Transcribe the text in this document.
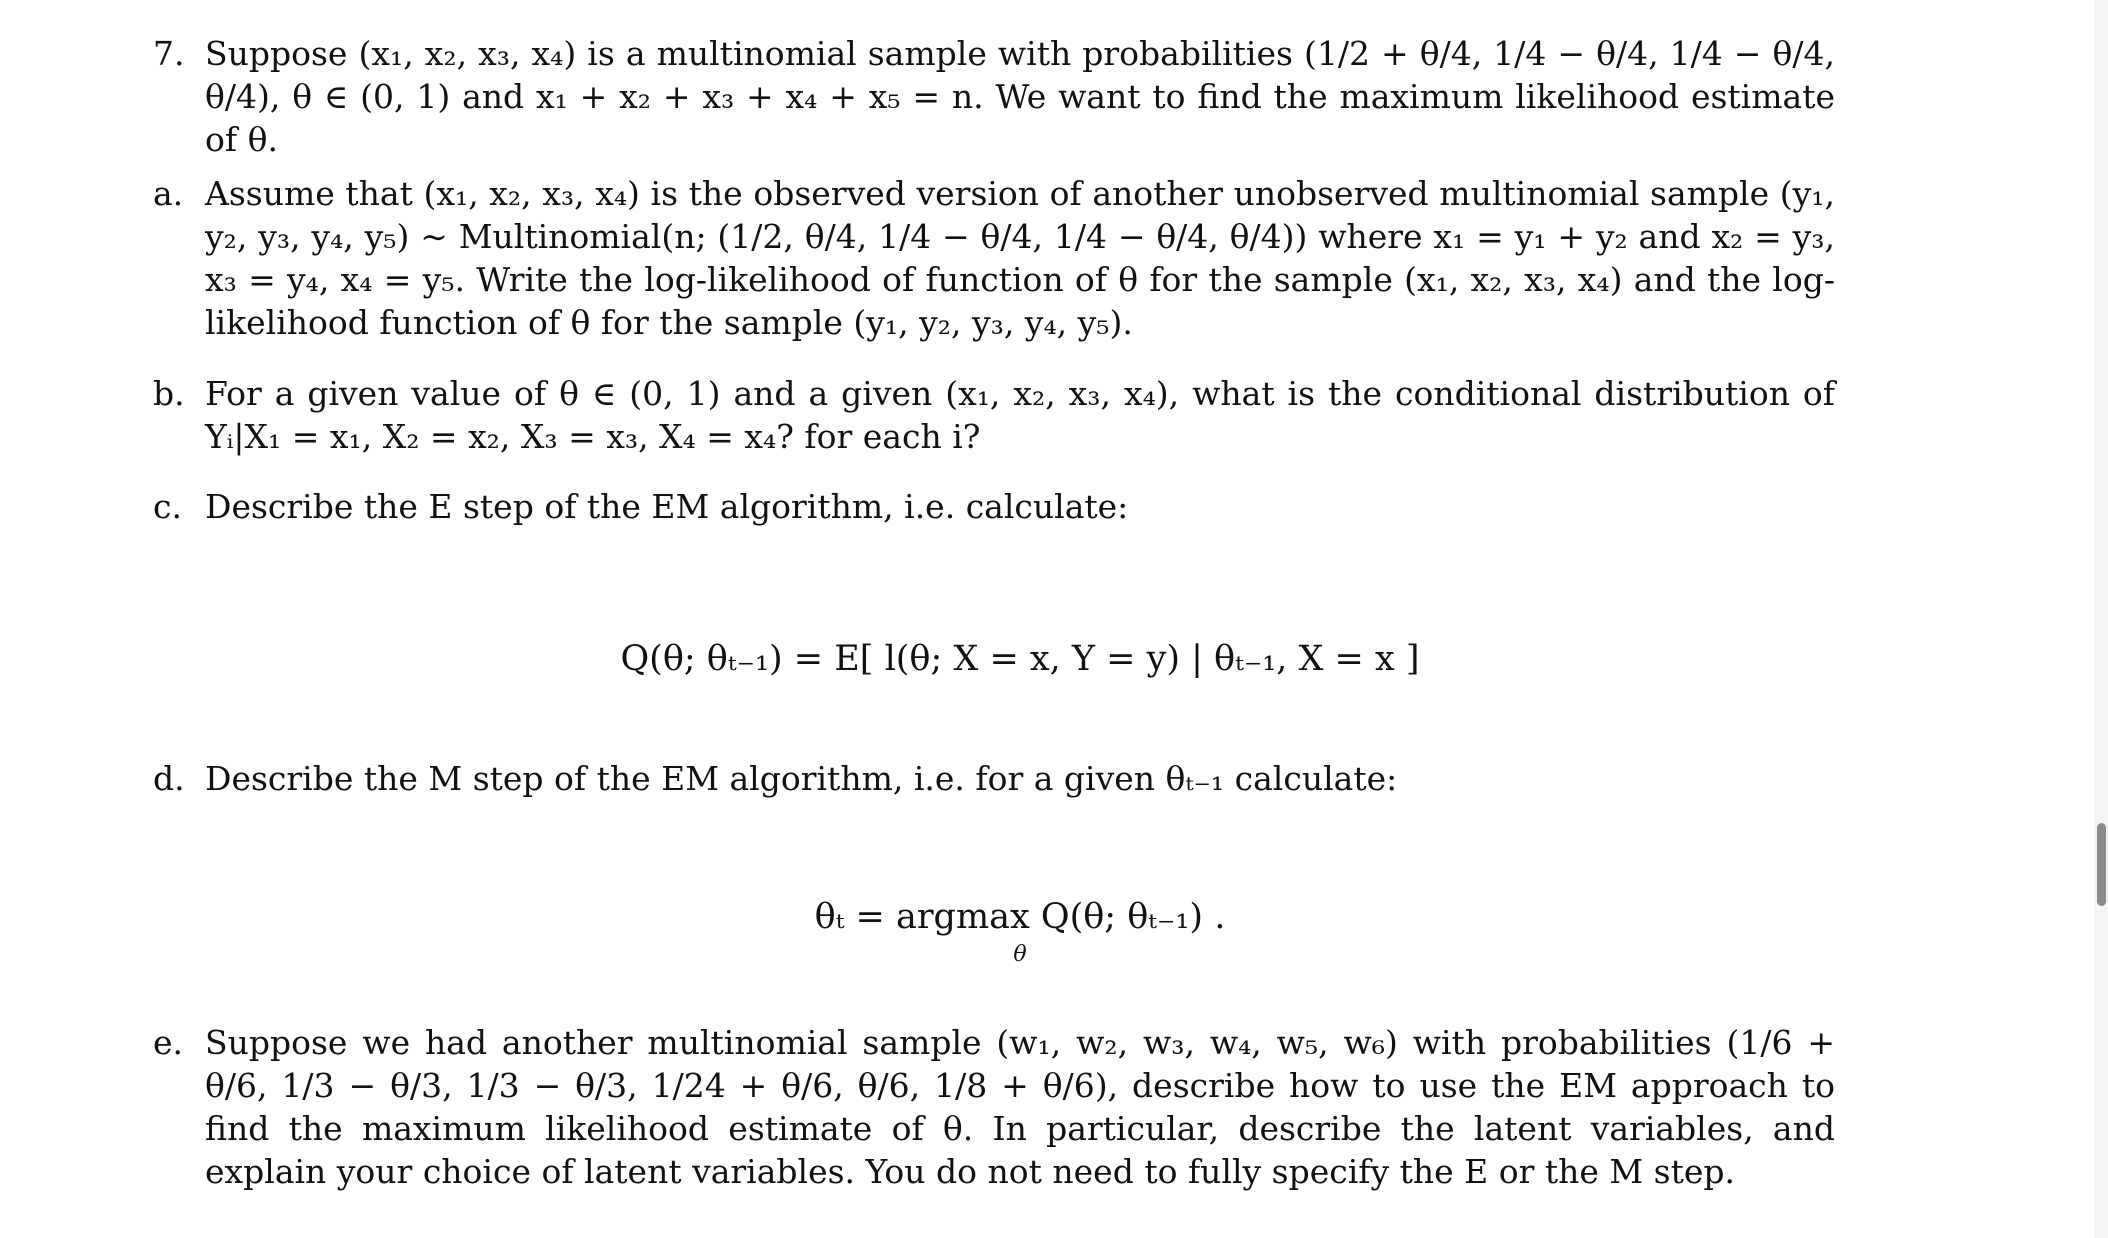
7. Suppose (x₁, x₂, x₃, x₄) is a multinomial sample with probabilities (1/2 + θ/4, 1/4 − θ/4, 1/4 − θ/4, θ/4), θ ∈ (0, 1) and x₁ + x₂ + x₃ + x₄ + x₅ = n. We want to find the maximum likelihood estimate of θ.
a. Assume that (x₁, x₂, x₃, x₄) is the observed version of another unobserved multinomial sample (y₁, y₂, y₃, y₄, y₅) ∼ Multinomial(n; (1/2, θ/4, 1/4 − θ/4, 1/4 − θ/4, θ/4)) where x₁ = y₁ + y₂ and x₂ = y₃, x₃ = y₄, x₄ = y₅. Write the log-likelihood of function of θ for the sample (x₁, x₂, x₃, x₄) and the log-likelihood function of θ for the sample (y₁, y₂, y₃, y₄, y₅).
b. For a given value of θ ∈ (0, 1) and a given (x₁, x₂, x₃, x₄), what is the conditional distribution of Yᵢ|X₁ = x₁, X₂ = x₂, X₃ = x₃, X₄ = x₄? for each i?
c. Describe the E step of the EM algorithm, i.e. calculate:
Q(θ; θₜ₋₁) = E[ l(θ; X = x, Y = y) | θₜ₋₁, X = x ]
d. Describe the M step of the EM algorithm, i.e. for a given θₜ₋₁ calculate:
θₜ = argmax Q(θ; θₜ₋₁) .
θ
e. Suppose we had another multinomial sample (w₁, w₂, w₃, w₄, w₅, w₆) with probabilities (1/6 + θ/6, 1/3 − θ/3, 1/3 − θ/3, 1/24 + θ/6, θ/6, 1/8 + θ/6), describe how to use the EM approach to find the maximum likelihood estimate of θ. In particular, describe the latent variables, and explain your choice of latent variables. You do not need to fully specify the E or the M step.
